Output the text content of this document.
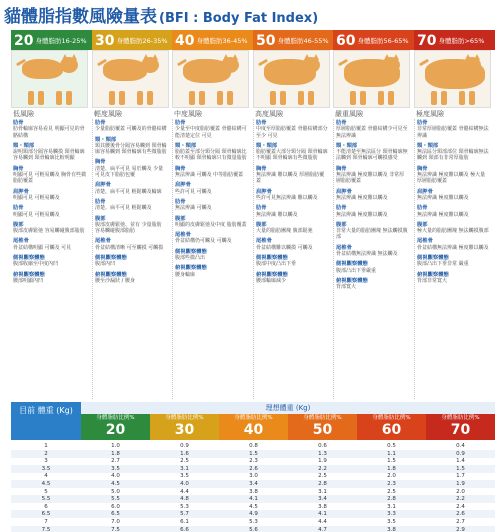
貓體脂指數風險量表 (BFI : Body Fat Index)
20 身體脂肪16-25% 30 身體脂肪26-35% 40 身體脂肪36-45% 50 身體脂肪46-55% 60 身體脂肪56-65% 70 身體脂肪>65%
低風險	輕度風險	中度風險	高度風險	嚴重風險	極度風險
肋骨
肋骨輪廓容易看見 明顯可見的骨骼結構
頸・頸部
說明頸部分隔容易觸摸 頸骨輪廓容易觸到 頸骨輪廓比較明顯
胸骨
明顯可見 可輕易觸及 胸骨有些微脂肪覆蓋
肩胛骨
明顯可見 可輕易觸及
肋骨
明顯可見 可輕易觸及
腹部
腹部皮膚鬆弛 容易觸碰腹部脂肪
尾椎骨
骨盆結構明顯 可觸及 可見
側視觀察體態
腹部收縮至中度內凹
俯視觀察體態
腰部明顯內凹
肋骨
少量脂肪覆蓋 可觸及的骨骼結構
頸・頸部
頸其腰後骨分隔容易觸到 頸骨輪廓容易觸到 頸骨輪廓有些微脂肪
胸骨
清楚、扁平可見 易於觸及 少量可見皮下脂肪包覆
肩胛骨
清楚、扁平可見 輕鬆觸及輪廓
肋骨
清楚、扁平可見 輕鬆觸及
腹部
腹部皮膚鬆弛、並有 少量脂肪 容易觸碰腹部脂肪
尾椎骨
骨盆結構清晰 可至觸摸 可觸摸
側視觀察體態
腹部內凹
俯視觀察體態
腰至沙漏狀 / 腰身
肋骨
少量至中度脂肪覆蓋 骨骼結構可能清楚定位 可見
頸・頸部
脂肪蓋至部分頸分隔 頸骨輪廓比較不明顯 頸骨輪廓只有微量脂肪
胸骨
無法辨識 可觸及 中等脂肪覆蓋
肩胛骨
些許可見 可觸及
肋骨
無法辨識 可觸及
腹部
明顯的皮膚鬆弛及中度 脂肪覆蓋
尾椎骨
骨盆結構仍可觸及 可觸及
側視觀察體態
腹部些微凸出
俯視觀察體態
腰身輪廓
肋骨
中度至厚脂肪覆蓋 骨骼結構部分至少 可見
頸・頸部
脂肪覆蓋大部分頸分隔 頸骨輪廓不明顯 頸骨輪廓有些微脂肪
胸骨
無法辨識 難以觸及 厚層脂肪覆蓋
肩胛骨
些許可見無法辨識 難以觸及
肋骨
無法辨識 難以觸及
腹部
大量的脂肪團塊 腹部鬆弛
尾椎骨
骨盆結構難以觸摸 可觸及
側視觀察體態
腹部中度凸出下垂
俯視觀察體態
腰部輪廓減少
肋骨
厚層脂肪覆蓋 骨骼結構少可見至 無法辨識
頸・頸部
不能清楚至無法區分 頸骨輪廓無法觸到 頸骨輪廓可觸摸感受
胸骨
無法辨識 極度難以觸及 非常厚層脂肪覆蓋
肩胛骨
無法辨識 極度難以觸及
肋骨
無法辨識 極度難以觸及
腹部
非常大量的脂肪團塊 無法觸摸腹部
尾椎骨
骨盆結構無法辨識 無法觸及
側視觀察體態
腹部凸出下垂嚴重
俯視觀察體態
背部寬大
肋骨
非常厚層脂肪覆蓋 骨骼結構無法辨識
頸・頸部
無法區分頸部部位 頸骨輪廓無法觸到 頸部有非常厚脂肪
胸骨
無法辨識 極度難以觸及 極大量厚層脂肪覆蓋
肩胛骨
無法辨識 極度難以觸及
肋骨
無法辨識 極度難以觸及
腹部
極大量的脂肪團塊 無法觸摸腹部
尾椎骨
骨盆結構無法辨識 極度難以觸及
側視觀察體態
腹部凸出下垂非常 嚴重
俯視觀察體態
背部非常寬大
目前 體重 (Kg)	理想體重 (Kg)
身體脂肪比例%
20
身體脂肪比例%
30
身體脂肪比例%
40
身體脂肪比例%
50
身體脂肪比例%
60
身體脂肪比例%
70
1	1.0	0.9	0.8	0.6	0.5	0.4
2	1.8	1.6	1.5	1.3	1.1	0.9
3	2.7	2.5	2.3	1.9	1.5	1.4
3.5	3.5	3.1	2.6	2.2	1.8	1.5
4	4.0	3.5	3.0	2.5	2.0	1.7
4.5	4.5	4.0	3.4	2.8	2.3	1.9
5	5.0	4.4	3.8	3.1	2.5	2.0
5.5	5.5	4.8	4.1	3.4	2.8	2.2
6	6.0	5.3	4.5	3.8	3.1	2.4
6.5	6.5	5.7	4.9	4.1	3.3	2.6
7	7.0	6.1	5.3	4.4	3.5	2.7
7.5	7.5	6.6	5.6	4.7	3.8	2.9
